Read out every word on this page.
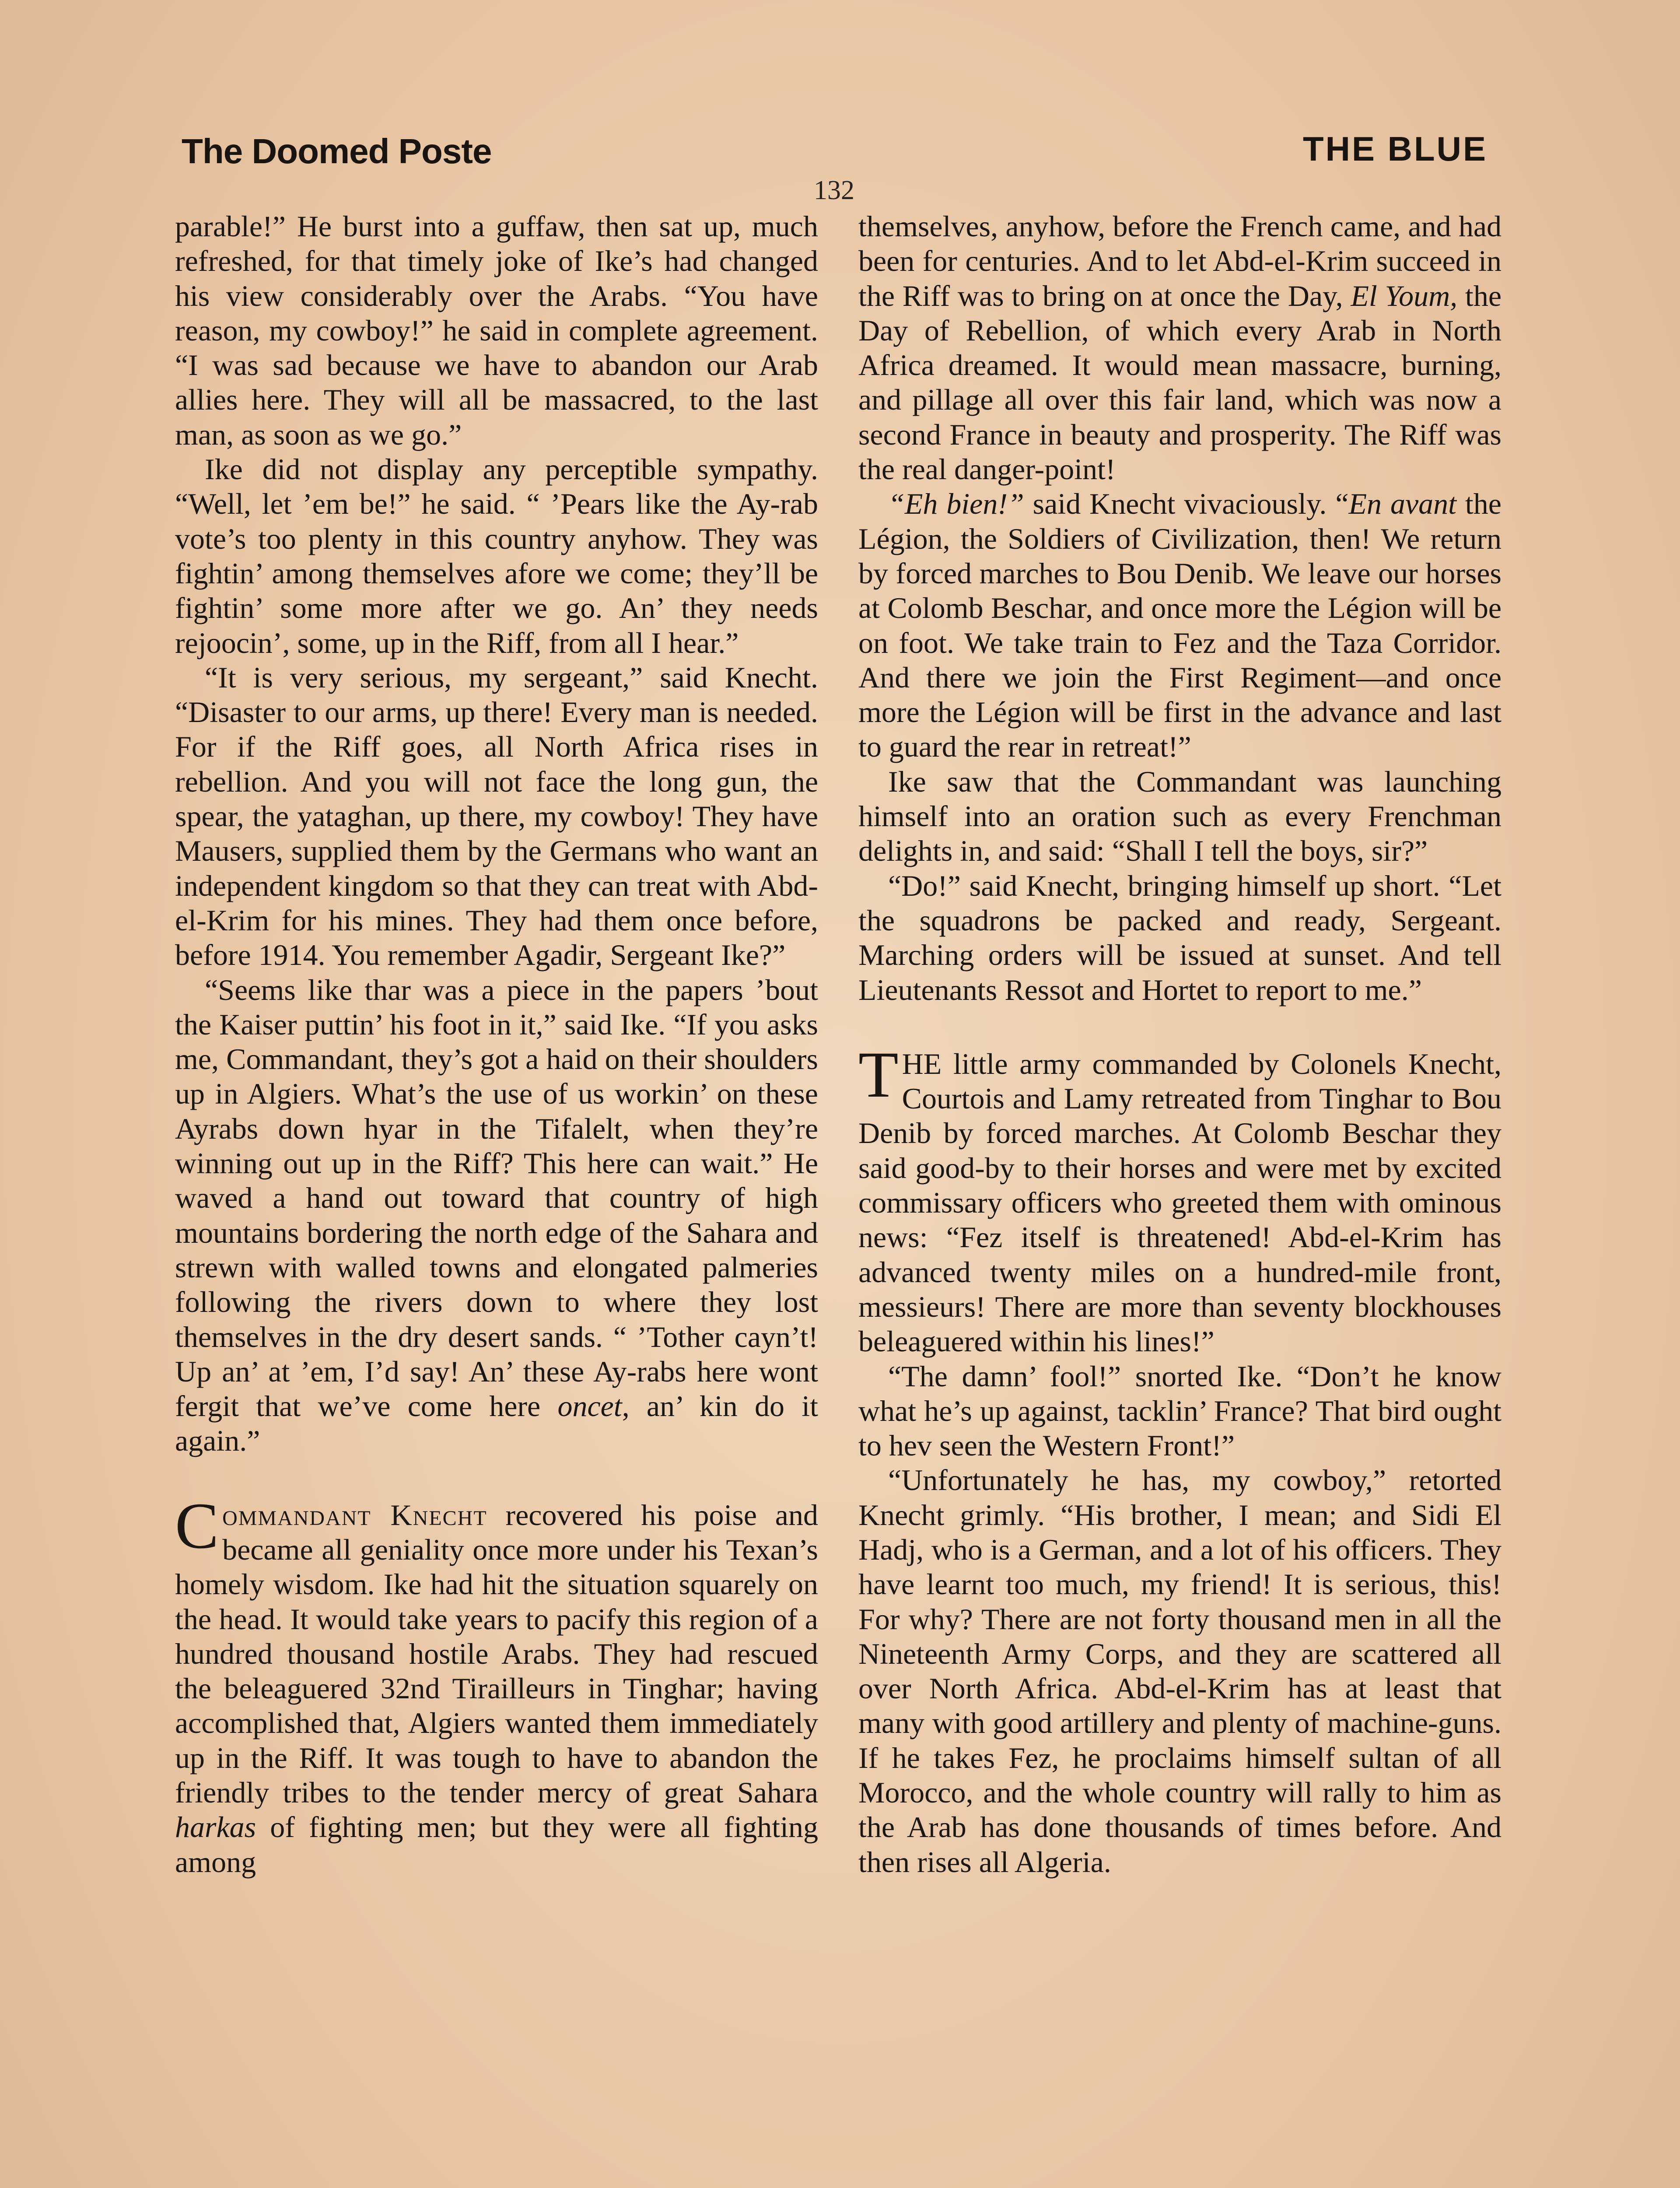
The Doomed Poste	THE BLUE
132

parable!” He burst into a guffaw, then sat up, much refreshed, for that timely joke of Ike’s had changed his view considerably over the Arabs. “You have reason, my cowboy!” he said in complete agreement. “I was sad because we have to abandon our Arab allies here. They will all be massacred, to the last man, as soon as we go.”

Ike did not display any perceptible sympathy. “Well, let ’em be!” he said. “ ’Pears like the Ay-rab vote’s too plenty in this country anyhow. They was fightin’ among themselves afore we come; they’ll be fightin’ some more after we go. An’ they needs rejoocin’, some, up in the Riff, from all I hear.”

“It is very serious, my sergeant,” said Knecht. “Disaster to our arms, up there! Every man is needed. For if the Riff goes, all North Africa rises in rebellion. And you will not face the long gun, the spear, the yataghan, up there, my cowboy! They have Mausers, supplied them by the Germans who want an independent kingdom so that they can treat with Abd-el-Krim for his mines. They had them once before, before 1914. You remember Agadir, Sergeant Ike?”

“Seems like thar was a piece in the papers ’bout the Kaiser puttin’ his foot in it,” said Ike. “If you asks me, Commandant, they’s got a haid on their shoulders up in Algiers. What’s the use of us workin’ on these Ayrabs down hyar in the Tifalelt, when they’re winning out up in the Riff? This here can wait.” He waved a hand out toward that country of high mountains bordering the north edge of the Sahara and strewn with walled towns and elongated palmeries following the rivers down to where they lost themselves in the dry desert sands. “ ’Tother cayn’t! Up an’ at ’em, I’d say! An’ these Ay-rabs here wont fergit that we’ve come here oncet, an’ kin do it again.”

Commandant Knecht recovered his poise and became all geniality once more under his Texan’s homely wisdom. Ike had hit the situation squarely on the head. It would take years to pacify this region of a hundred thousand hostile Arabs. They had rescued the beleaguered 32nd Tirailleurs in Tinghar; having accomplished that, Algiers wanted them immediately up in the Riff. It was tough to have to abandon the friendly tribes to the tender mercy of great Sahara harkas of fighting men; but they were all fighting among

themselves, anyhow, before the French came, and had been for centuries. And to let Abd-el-Krim succeed in the Riff was to bring on at once the Day, El Youm, the Day of Rebellion, of which every Arab in North Africa dreamed. It would mean massacre, burning, and pillage all over this fair land, which was now a second France in beauty and prosperity. The Riff was the real danger-point!

“Eh bien!” said Knecht vivaciously. “En avant the Légion, the Soldiers of Civilization, then! We return by forced marches to Bou Denib. We leave our horses at Colomb Beschar, and once more the Légion will be on foot. We take train to Fez and the Taza Corridor. And there we join the First Regiment—and once more the Légion will be first in the advance and last to guard the rear in retreat!”

Ike saw that the Commandant was launching himself into an oration such as every Frenchman delights in, and said: “Shall I tell the boys, sir?”

“Do!” said Knecht, bringing himself up short. “Let the squadrons be packed and ready, Sergeant. Marching orders will be issued at sunset. And tell Lieutenants Ressot and Hortet to report to me.”

THE little army commanded by Colonels Knecht, Courtois and Lamy retreated from Tinghar to Bou Denib by forced marches. At Colomb Beschar they said good-by to their horses and were met by excited commissary officers who greeted them with ominous news: “Fez itself is threatened! Abd-el-Krim has advanced twenty miles on a hundred-mile front, messieurs! There are more than seventy blockhouses beleaguered within his lines!”

“The damn’ fool!” snorted Ike. “Don’t he know what he’s up against, tacklin’ France? That bird ought to hev seen the Western Front!”

“Unfortunately he has, my cowboy,” retorted Knecht grimly. “His brother, I mean; and Sidi El Hadj, who is a German, and a lot of his officers. They have learnt too much, my friend! It is serious, this! For why? There are not forty thousand men in all the Nineteenth Army Corps, and they are scattered all over North Africa. Abd-el-Krim has at least that many with good artillery and plenty of machine-guns. If he takes Fez, he proclaims himself sultan of all Morocco, and the whole country will rally to him as the Arab has done thousands of times before. And then rises all Algeria.
